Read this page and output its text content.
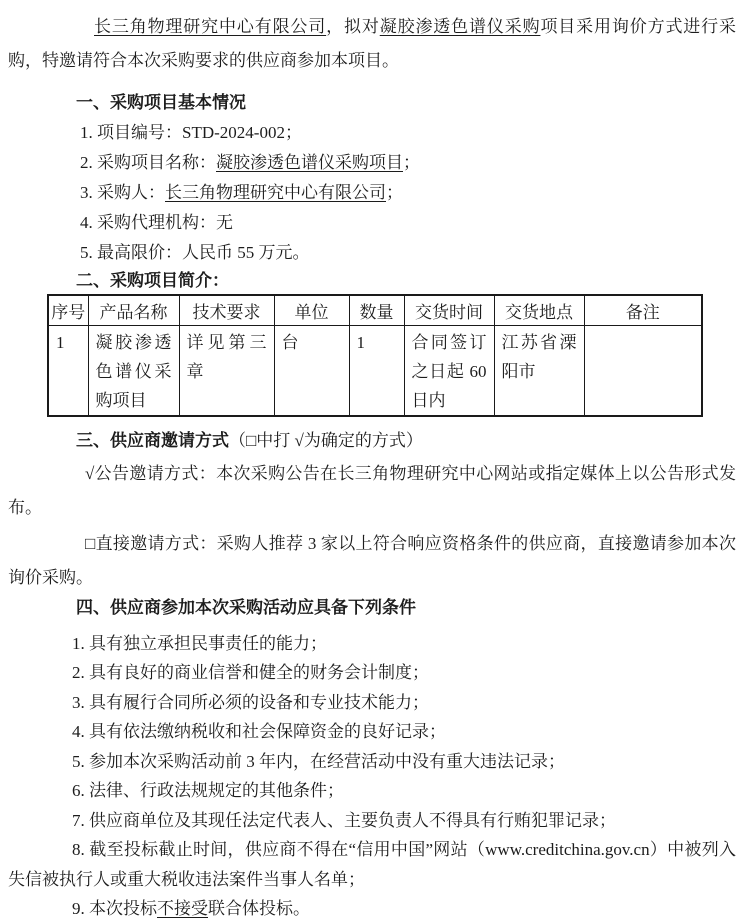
长三角物理研究中心有限公司，拟对凝胶渗透色谱仪采购项目采用询价方式进行采购，特邀请符合本次采购要求的供应商参加本项目。

一、采购项目基本情况

1. 项目编号：STD-2024-002；

2. 采购项目名称：凝胶渗透色谱仪采购项目；

3. 采购人：长三角物理研究中心有限公司；

4. 采购代理机构：无

5. 最高限价：人民币 55 万元。

二、采购项目简介：

序号	产品名称	技术要求	单位	数量	交货时间	交货地点	备注
1	凝胶渗透色谱仪采购项目	详见第三章	台	1	合同签订之日起 60 日内	江苏省溧阳市	

三、供应商邀请方式（□中打 √为确定的方式）

√公告邀请方式：本次采购公告在长三角物理研究中心网站或指定媒体上以公告形式发布。

□直接邀请方式：采购人推荐 3 家以上符合响应资格条件的供应商，直接邀请参加本次询价采购。

四、供应商参加本次采购活动应具备下列条件

1. 具有独立承担民事责任的能力；

2. 具有良好的商业信誉和健全的财务会计制度；

3. 具有履行合同所必须的设备和专业技术能力；

4. 具有依法缴纳税收和社会保障资金的良好记录；

5. 参加本次采购活动前 3 年内，在经营活动中没有重大违法记录；

6. 法律、行政法规规定的其他条件；

7. 供应商单位及其现任法定代表人、主要负责人不得具有行贿犯罪记录；

8. 截至投标截止时间，供应商不得在“信用中国”网站（www.creditchina.gov.cn）中被列入失信被执行人或重大税收违法案件当事人名单；

9. 本次投标不接受联合体投标。
